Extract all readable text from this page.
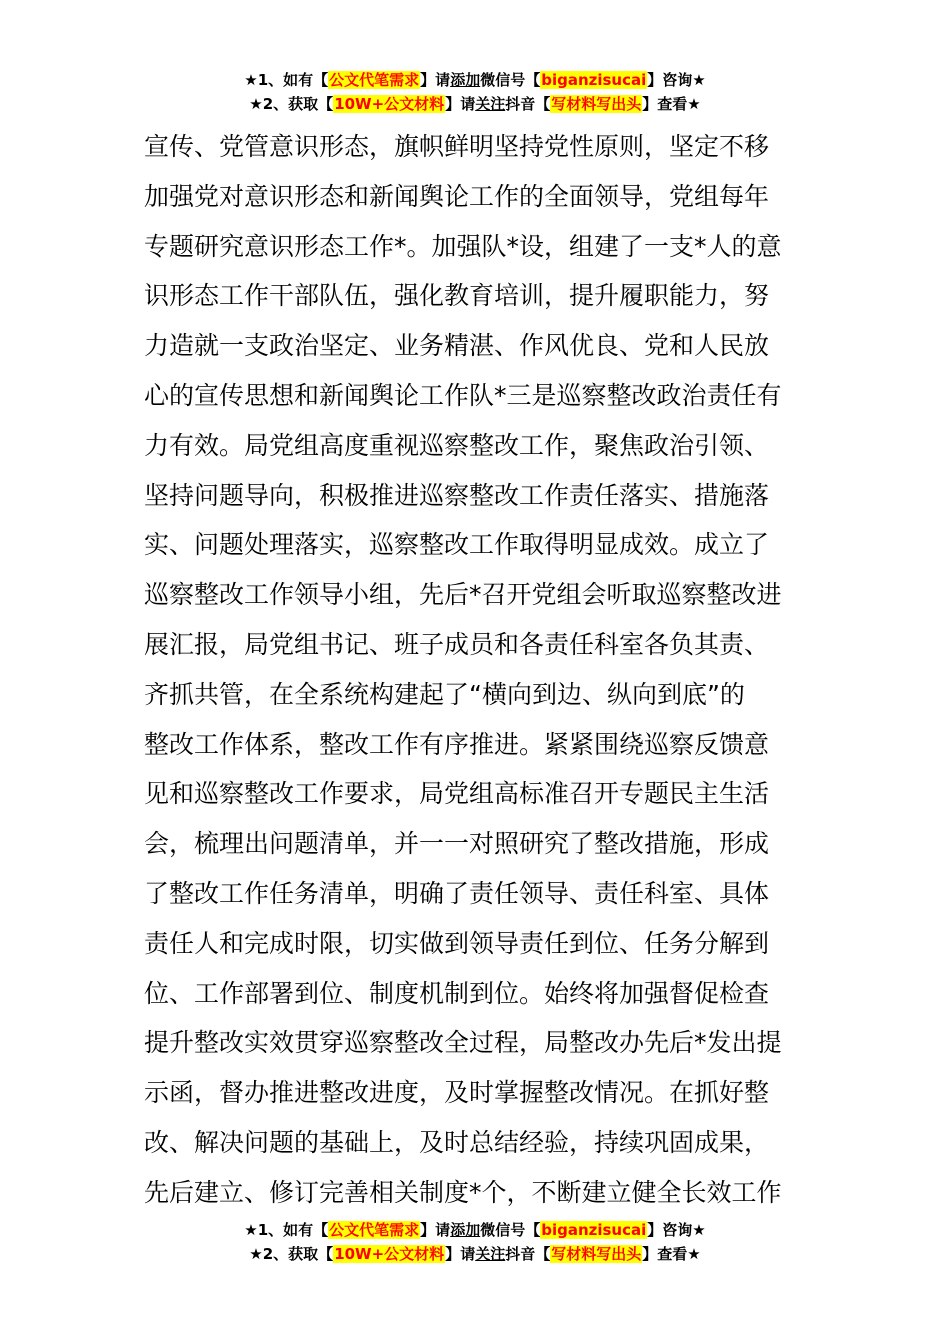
★1、如有【公文代笔需求】请添加微信号【biganzisucai】咨询★
★2、获取【10W+公文材料】请关注抖音【写材料写出头】查看★
宣传、党管意识形态，旗帜鲜明坚持党性原则，坚定不移
加强党对意识形态和新闻舆论工作的全面领导，党组每年
专题研究意识形态工作*。加强队*设，组建了一支*人的意
识形态工作干部队伍，强化教育培训，提升履职能力，努
力造就一支政治坚定、业务精湛、作风优良、党和人民放
心的宣传思想和新闻舆论工作队*三是巡察整改政治责任有
力有效。局党组高度重视巡察整改工作，聚焦政治引领、
坚持问题导向，积极推进巡察整改工作责任落实、措施落
实、问题处理落实，巡察整改工作取得明显成效。成立了
巡察整改工作领导小组，先后*召开党组会听取巡察整改进
展汇报，局党组书记、班子成员和各责任科室各负其责、
齐抓共管，在全系统构建起了“横向到边、纵向到底”的
整改工作体系，整改工作有序推进。紧紧围绕巡察反馈意
见和巡察整改工作要求，局党组高标准召开专题民主生活
会，梳理出问题清单，并一一对照研究了整改措施，形成
了整改工作任务清单，明确了责任领导、责任科室、具体
责任人和完成时限，切实做到领导责任到位、任务分解到
位、工作部署到位、制度机制到位。始终将加强督促检查
提升整改实效贯穿巡察整改全过程，局整改办先后*发出提
示函，督办推进整改进度，及时掌握整改情况。在抓好整
改、解决问题的基础上，及时总结经验，持续巩固成果，
先后建立、修订完善相关制度*个，不断建立健全长效工作
★1、如有【公文代笔需求】请添加微信号【biganzisucai】咨询★
★2、获取【10W+公文材料】请关注抖音【写材料写出头】查看★
